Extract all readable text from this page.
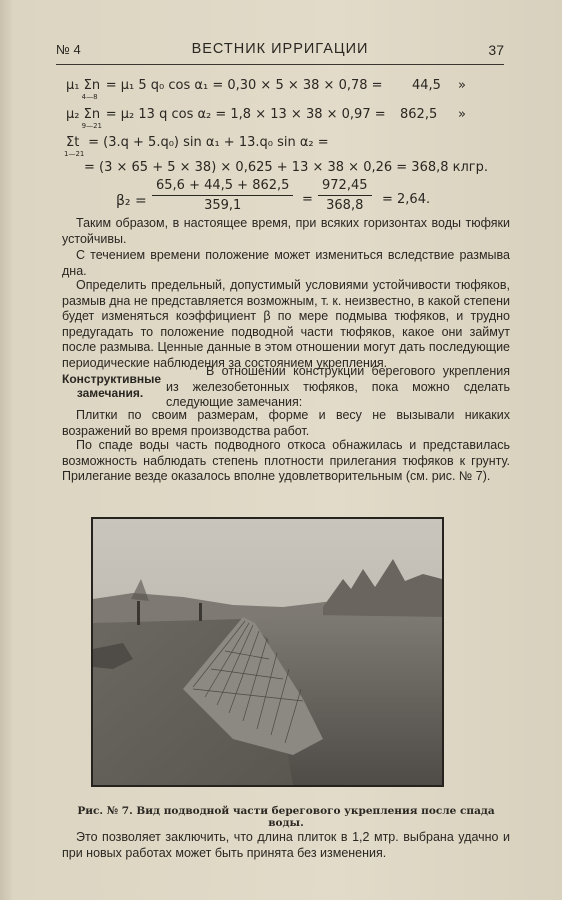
№ 4	ВЕСТНИК ИРРИГАЦИИ	37
μ₁ Σn
4—8
= μ₁ 5 q₀ cos α₁ = 0,30 × 5 × 38 × 0,78 = 44,5 »
μ₂ Σn
9—21
= μ₂ 13 q cos α₂ = 1,8 × 13 × 38 × 0,97 = 862,5 »
Σt
1—21
= (3.q + 5.q₀) sin α₁ + 13.q₀ sin α₂ =
= (3 × 65 + 5 × 38) × 0,625 + 13 × 38 × 0,26 = 368,8 клгр.
$\beta_2 = \frac{65,6 + 44,5 + 862,5}{359,1} = \frac{972,45}{368,8} = 2,64$.

Таким образом, в настоящее время, при всяких горизонтах воды тюфяки устойчивы.

С течением времени положение может измениться вследствие размыва дна.

Определить предельный, допустимый условиями устойчивости тюфяков, размыв дна не представляется возможным, т. к. неизвестно, в какой степени будет изменяться коэффициент β по мере подмыва тюфяков, и трудно предугадать то положение подводной части тюфяков, какое они займут после размыва. Ценные данные в этом отношении могут дать последующие периодические наблюдения за состоянием укрепления.

Конструктивные замечания.

В отношении конструкции берегового укрепления из железобетонных тюфяков, пока можно сделать следующие замечания:

Плитки по своим размерам, форме и весу не вызывали никаких возражений во время производства работ.

По спаде воды часть подводного откоса обнажилась и представилась возможность наблюдать степень плотности прилегания тюфяков к грунту. Прилегание везде оказалось вполне удовлетворительным (см. рис. № 7).

Рис. № 7. Вид подводной части берегового укрепления после спада воды.

Это позволяет заключить, что длина плиток в 1,2 мтр. выбрана удачно и при новых работах может быть принята без изменения.
